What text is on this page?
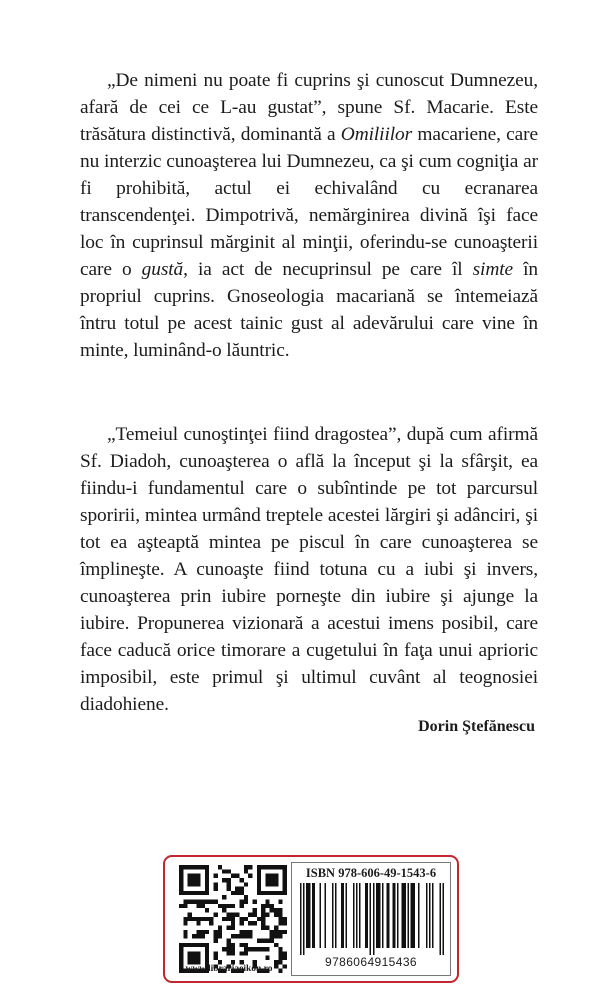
„De nimeni nu poate fi cuprins şi cunoscut Dumnezeu, afară de cei ce L-au gustat”, spune Sf. Macarie. Este trăsătura distinctivă, dominantă a Omiliilor macariene, care nu interzic cunoaşterea lui Dumnezeu, ca şi cum cogniţia ar fi prohibită, actul ei echivalând cu ecranarea transcendenţei. Dimpotrivă, nemărginirea divină îşi face loc în cuprinsul mărginit al minţii, oferindu-se cunoaşterii care o gustă, ia act de necuprinsul pe care îl simte în propriul cuprins. Gnoseologia macariană se întemeiază întru totul pe acest tainic gust al adevărului care vine în minte, luminând-o lăuntric.

„Temeiul cunoştinţei fiind dragostea”, după cum afirmă Sf. Diadoh, cunoaşterea o află la început şi la sfârşit, ea fiindu-i fundamentul care o subîntinde pe tot parcursul sporirii, mintea urmând treptele acestei lărgiri şi adânciri, şi tot ea aşteaptă mintea pe piscul în care cunoaşterea se împlineşte. A cunoaşte fiind totuna cu a iubi şi invers, cunoaşterea prin iubire porneşte din iubire şi ajunge la iubire. Propunerea vizionară a acestui imens posibil, care face caducă orice timorare a cugetului în faţa unui aprioric imposibil, este primul şi ultimul cuvânt al teognosiei diadohiene.

Dorin Ştefănescu
www.librariaeikon.ro
ISBN 978-606-49-1543-6
9786064915436
